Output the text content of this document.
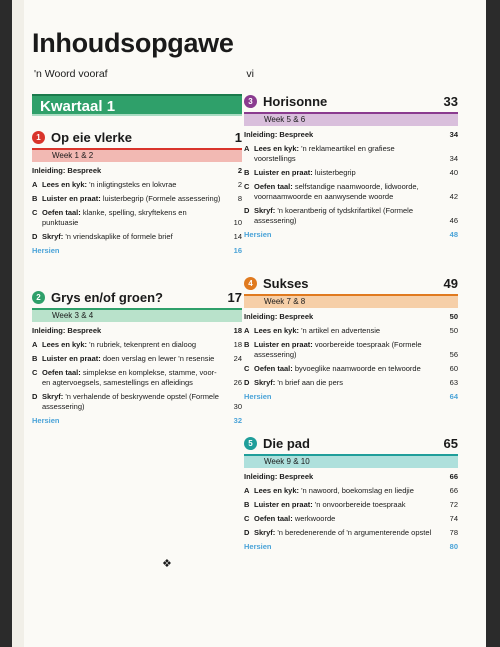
Inhoudsopgawe
'n Woord vooraf	vi
Kwartaal 1
1 Op eie vlerke	1
Week 1 & 2
Inleiding: Bespreek	2
A Lees en kyk: 'n inligtingsteks en lokvrae	2
B Luister en praat: luisterbegrip (Formele assessering) 8
C Oefen taal: klanke, spelling, skryftekens en punktuasie	10
D Skryf: 'n vriendskaplike of formele brief	14
Hersien	16
2 Grys en/of groen?	17
Week 3 & 4
Inleiding: Bespreek	18
A Lees en kyk: 'n rubriek, tekenprent en dialoog	18
B Luister en praat: doen verslag en lewer 'n resensie	24
C Oefen taal: simplekse en komplekse, stamme, voor- en agtervoegsels, samestellings en afleidings	26
D Skryf: 'n verhalende of beskrywende opstel (Formele assessering)	30
Hersien	32
3 Horisonne	33
Week 5 & 6
Inleiding: Bespreek	34
A Lees en kyk: 'n reklameartikel en grafiese voorstellings	34
B Luister en praat: luisterbegrip	40
C Oefen taal: selfstandige naamwoorde, lidwoorde, voornaamwoorde en aanwysende woorde	42
D Skryf: 'n koerantberig of tydskrifartikel (Formele assessering)	46
Hersien	48
4 Sukses	49
Week 7 & 8
Inleiding: Bespreek	50
A Lees en kyk: 'n artikel en advertensie	50
B Luister en praat: voorbereide toespraak (Formele assessering)	56
C Oefen taal: byvoeglike naamwoorde en telwoorde	60
D Skryf: 'n brief aan die pers	63
Hersien	64
5 Die pad	65
Week 9 & 10
Inleiding: Bespreek	66
A Lees en kyk: 'n nawoord, boekomslag en liedjie	66
B Luister en praat: 'n onvoorbereide toespraak	72
C Oefen taal: werkwoorde	74
D Skryf: 'n beredenerende of 'n argumenterende opstel 78
Hersien	80
❖
